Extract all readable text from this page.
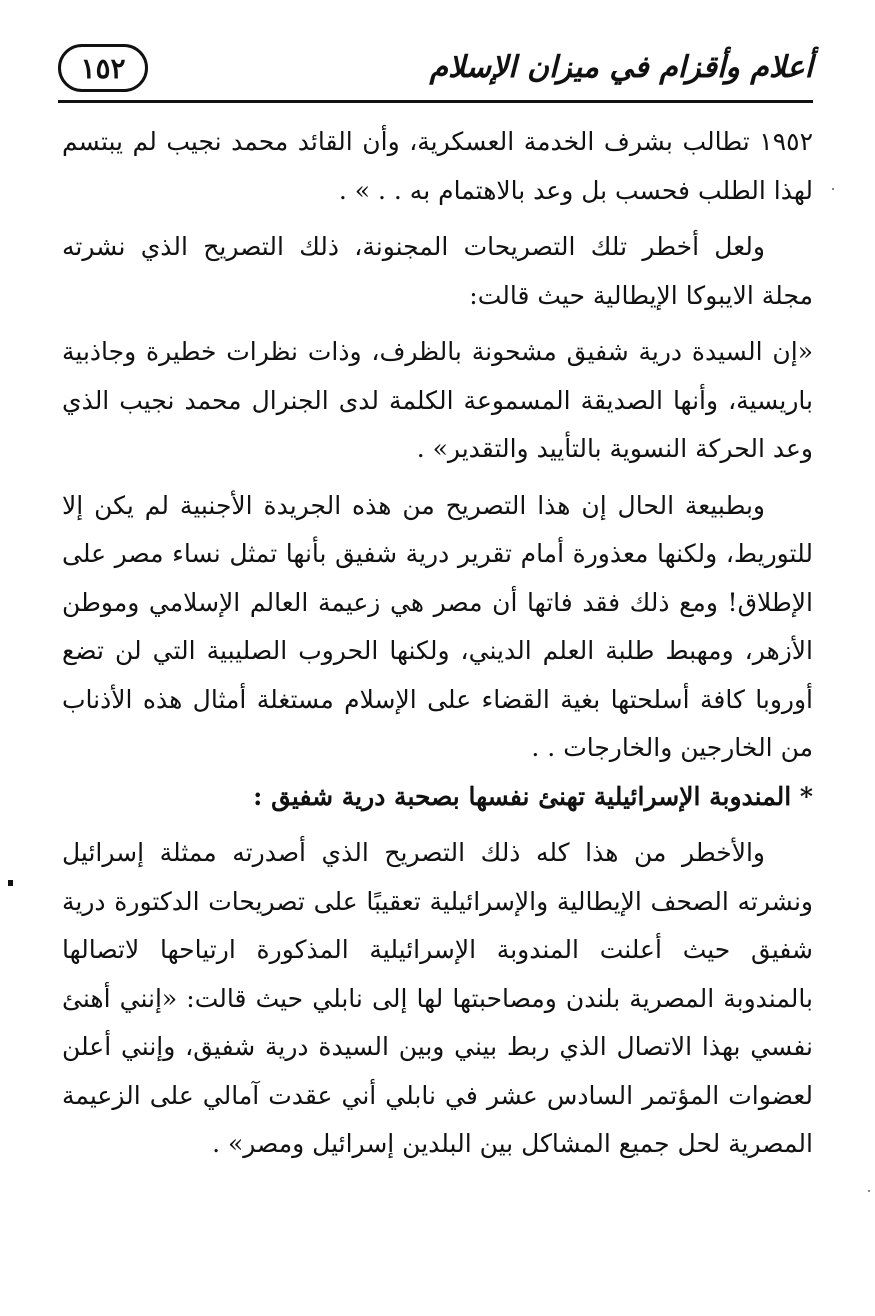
أعلام وأقزام في ميزان الإسلام
١٥٢

١٩٥٢ تطالب بشرف الخدمة العسكرية، وأن القائد محمد نجيب لم يبتسم لهذا الطلب فحسب بل وعد بالاهتمام به . . » .

ولعل أخطر تلك التصريحات المجنونة، ذلك التصريح الذي نشرته مجلة الايبوكا الإيطالية حيث قالت:

«إن السيدة درية شفيق مشحونة بالظرف، وذات نظرات خطيرة وجاذبية باريسية، وأنها الصديقة المسموعة الكلمة لدى الجنرال محمد نجيب الذي وعد الحركة النسوية بالتأييد والتقدير» .

وبطبيعة الحال إن هذا التصريح من هذه الجريدة الأجنبية لم يكن إلا للتوريط، ولكنها معذورة أمام تقرير درية شفيق بأنها تمثل نساء مصر على الإطلاق! ومع ذلك فقد فاتها أن مصر هي زعيمة العالم الإسلامي وموطن الأزهر، ومهبط طلبة العلم الديني، ولكنها الحروب الصليبية التي لن تضع أوروبا كافة أسلحتها بغية القضاء على الإسلام مستغلة أمثال هذه الأذناب من الخارجين والخارجات . .

* المندوبة الإسرائيلية تهنئ نفسها بصحبة درية شفيق :

والأخطر من هذا كله ذلك التصريح الذي أصدرته ممثلة إسرائيل ونشرته الصحف الإيطالية والإسرائيلية تعقيبًا على تصريحات الدكتورة درية شفيق حيث أعلنت المندوبة الإسرائيلية المذكورة ارتياحها لاتصالها بالمندوبة المصرية بلندن ومصاحبتها لها إلى نابلي حيث قالت: «إنني أهنئ نفسي بهذا الاتصال الذي ربط بيني وبين السيدة درية شفيق، وإنني أعلن لعضوات المؤتمر السادس عشر في نابلي أني عقدت آمالي على الزعيمة المصرية لحل جميع المشاكل بين البلدين إسرائيل ومصر» .
